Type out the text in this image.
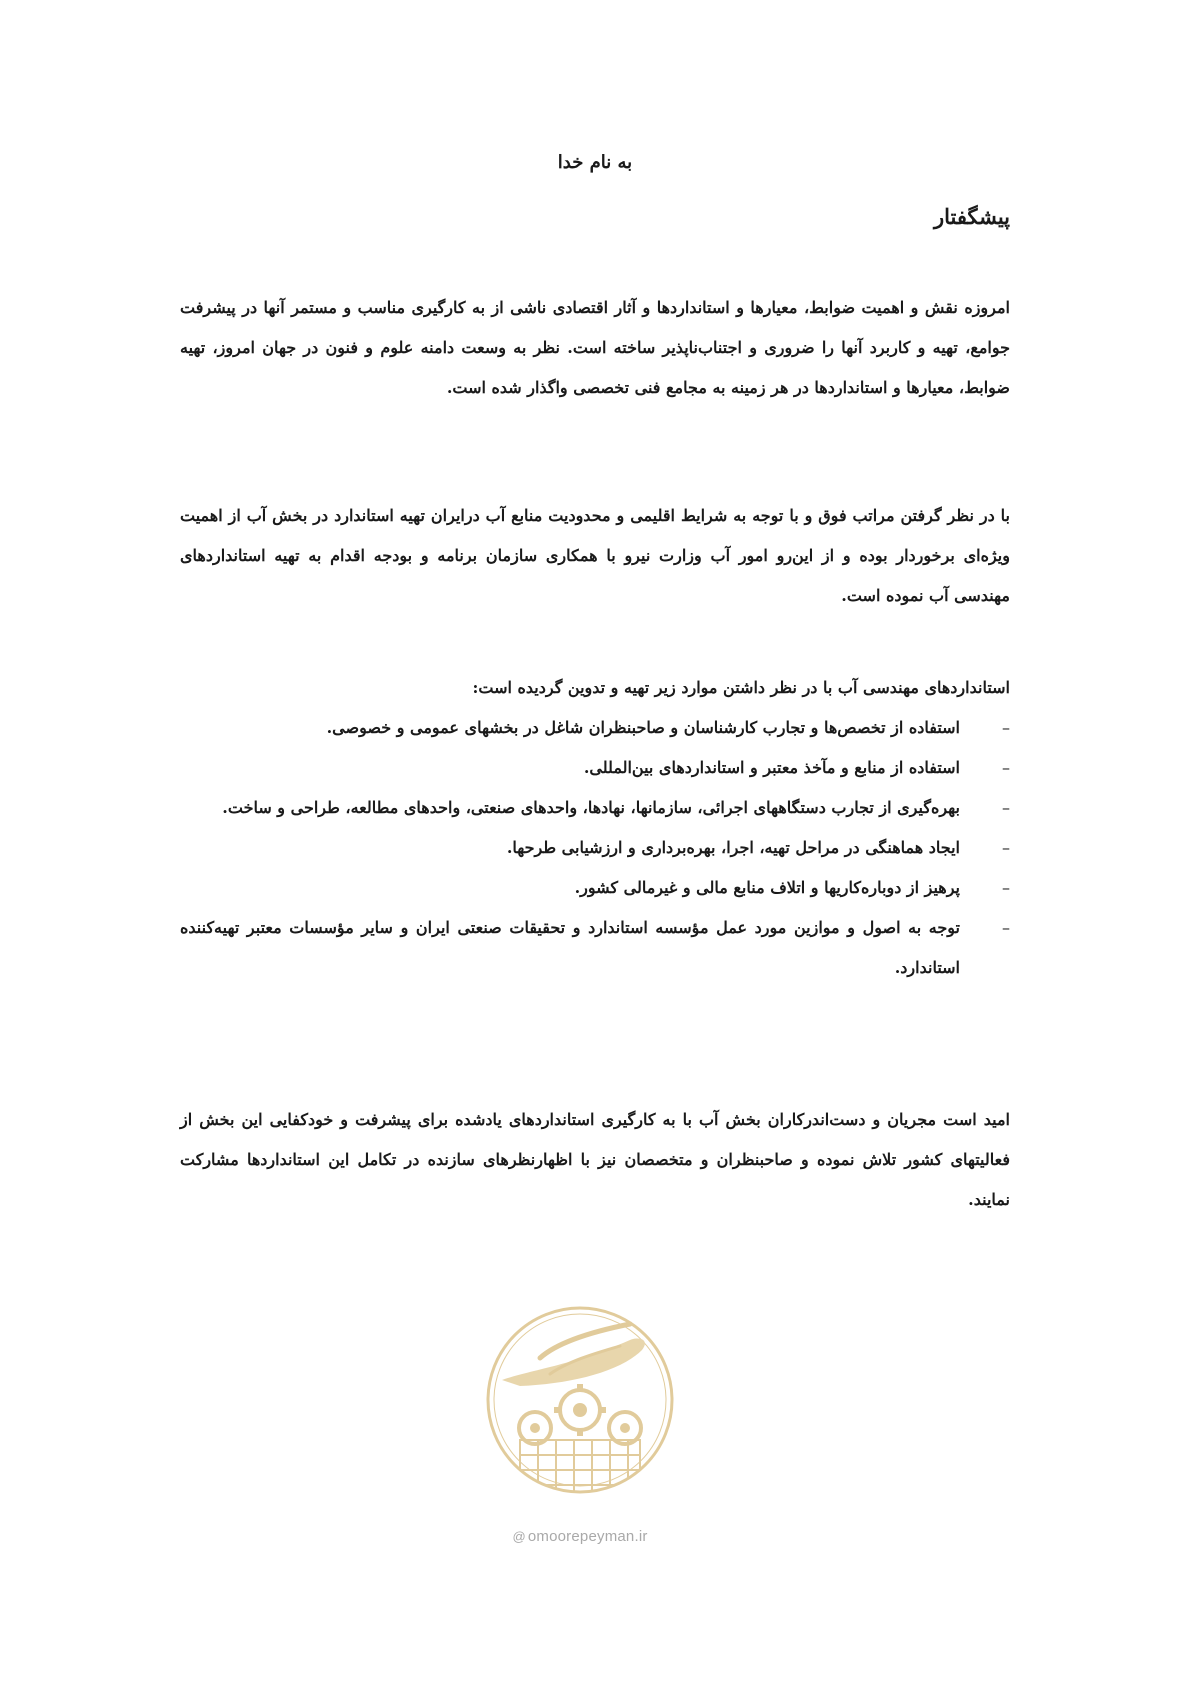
به نام خدا
پیشگفتار

امروزه نقش و اهمیت ضوابط، معیارها و استانداردها و آثار اقتصادی ناشی از به کارگیری مناسب و مستمر آنها در پیشرفت جوامع، تهیه و کاربرد آنها را ضروری و اجتناب‌ناپذیر ساخته است. نظر به وسعت دامنه علوم و فنون در جهان امروز، تهیه ضوابط، معیارها و استانداردها در هر زمینه به مجامع فنی تخصصی واگذار شده است.

با در نظر گرفتن مراتب فوق و با توجه به شرایط اقلیمی و محدودیت منابع آب درایران تهیه استاندارد در بخش آب از اهمیت ویژه‌ای برخوردار بوده و از این‌رو امور آب وزارت نیرو با همکاری سازمان برنامه و بودجه اقدام به تهیه استانداردهای مهندسی آب نموده است.

استانداردهای مهندسی آب با در نظر داشتن موارد زیر تهیه و تدوین گردیده است:

–
استفاده از تخصص‌ها و تجارب کارشناسان و صاحبنظران شاغل در بخشهای عمومی و خصوصی.
–
استفاده از منابع و مآخذ معتبر و استانداردهای بین‌المللی.
–
بهره‌گیری از تجارب دستگاههای اجرائی، سازمانها، نهادها، واحدهای صنعتی، واحدهای مطالعه، طراحی و ساخت.
–
ایجاد هماهنگی در مراحل تهیه، اجرا، بهره‌برداری و ارزشیابی طرحها.
–
پرهیز از دوباره‌کاریها و اتلاف منابع مالی و غیرمالی کشور.
–
توجه به اصول و موازین مورد عمل مؤسسه استاندارد و تحقیقات صنعتی ایران و سایر مؤسسات معتبر تهیه‌کننده استاندارد.

امید است مجریان و دست‌اندرکاران بخش آب با به کارگیری استانداردهای یادشده برای پیشرفت و خودکفایی این بخش از فعالیتهای کشور تلاش نموده و صاحبنظران و متخصصان نیز با اظهارنظرهای سازنده در تکامل این استانداردها مشارکت نمایند.

@ omoorepeyman.ir
